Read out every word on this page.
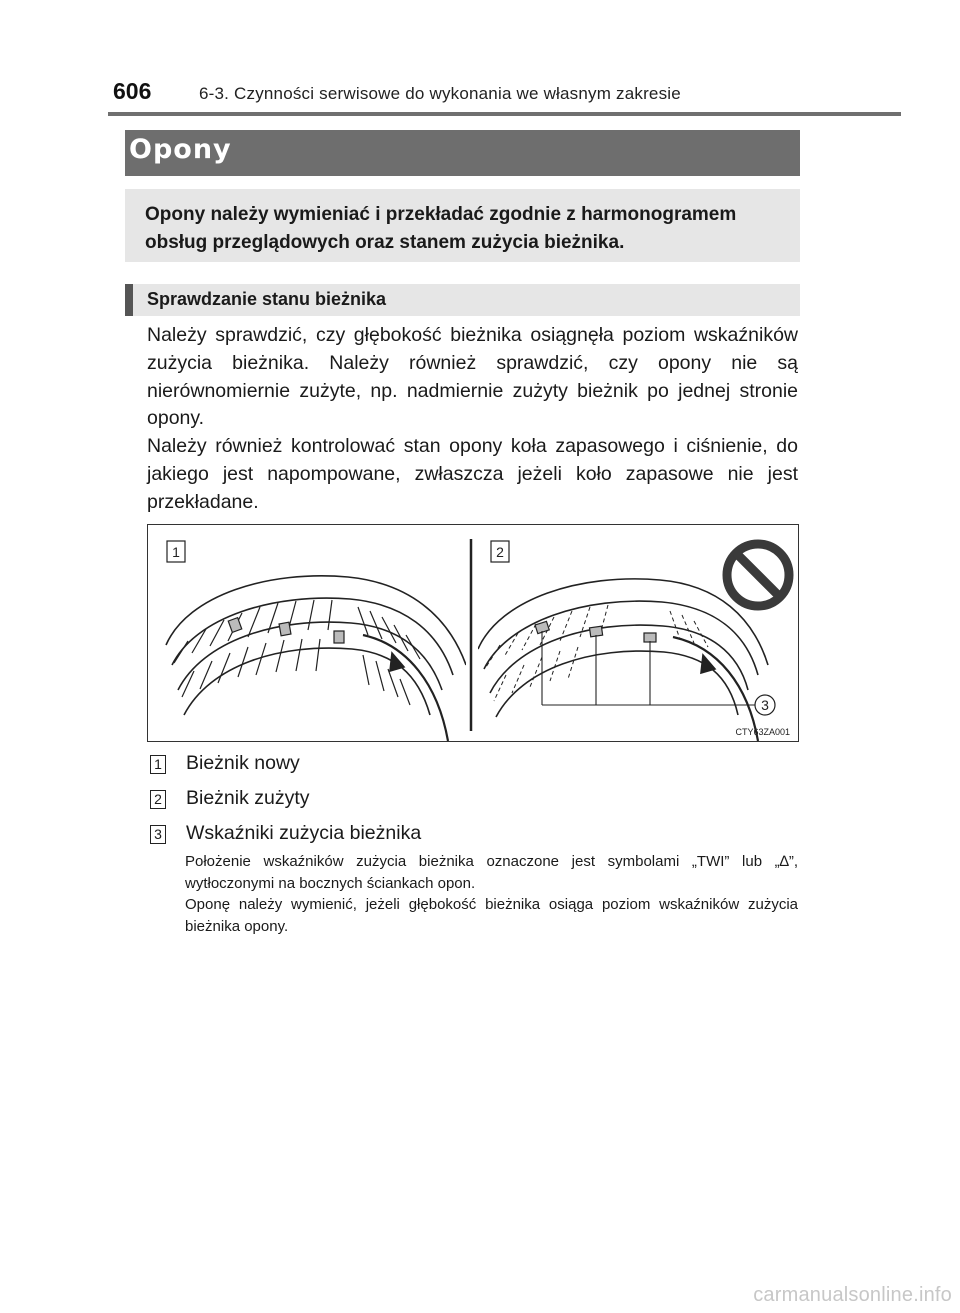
606	6-3. Czynności serwisowe do wykonania we własnym zakresie
Opony
Opony należy wymieniać i przekładać zgodnie z harmonogramem obsług przeglądowych oraz stanem zużycia bieżnika.
Sprawdzanie stanu bieżnika

Należy sprawdzić, czy głębokość bieżnika osiągnęła poziom wskaźników zużycia bieżnika. Należy również sprawdzić, czy opony nie są nierównomiernie zużyte, np. nadmiernie zużyty bieżnik po jednej stronie opony.

Należy również kontrolować stan opony koła zapasowego i ciśnienie, do jakiego jest napompowane, zwłaszcza jeżeli koło zapasowe nie jest przekładane.

1	2
3
CTY63ZA001
1 Bieżnik nowy
2 Bieżnik zużyty
3 Wskaźniki zużycia bieżnika

Położenie wskaźników zużycia bieżnika oznaczone jest symbolami „TWI” lub „∆”, wytłoczonymi na bocznych ściankach opon.

Oponę należy wymienić, jeżeli głębokość bieżnika osiąga poziom wskaźników zużycia bieżnika opony.

carmanualsonline.info
